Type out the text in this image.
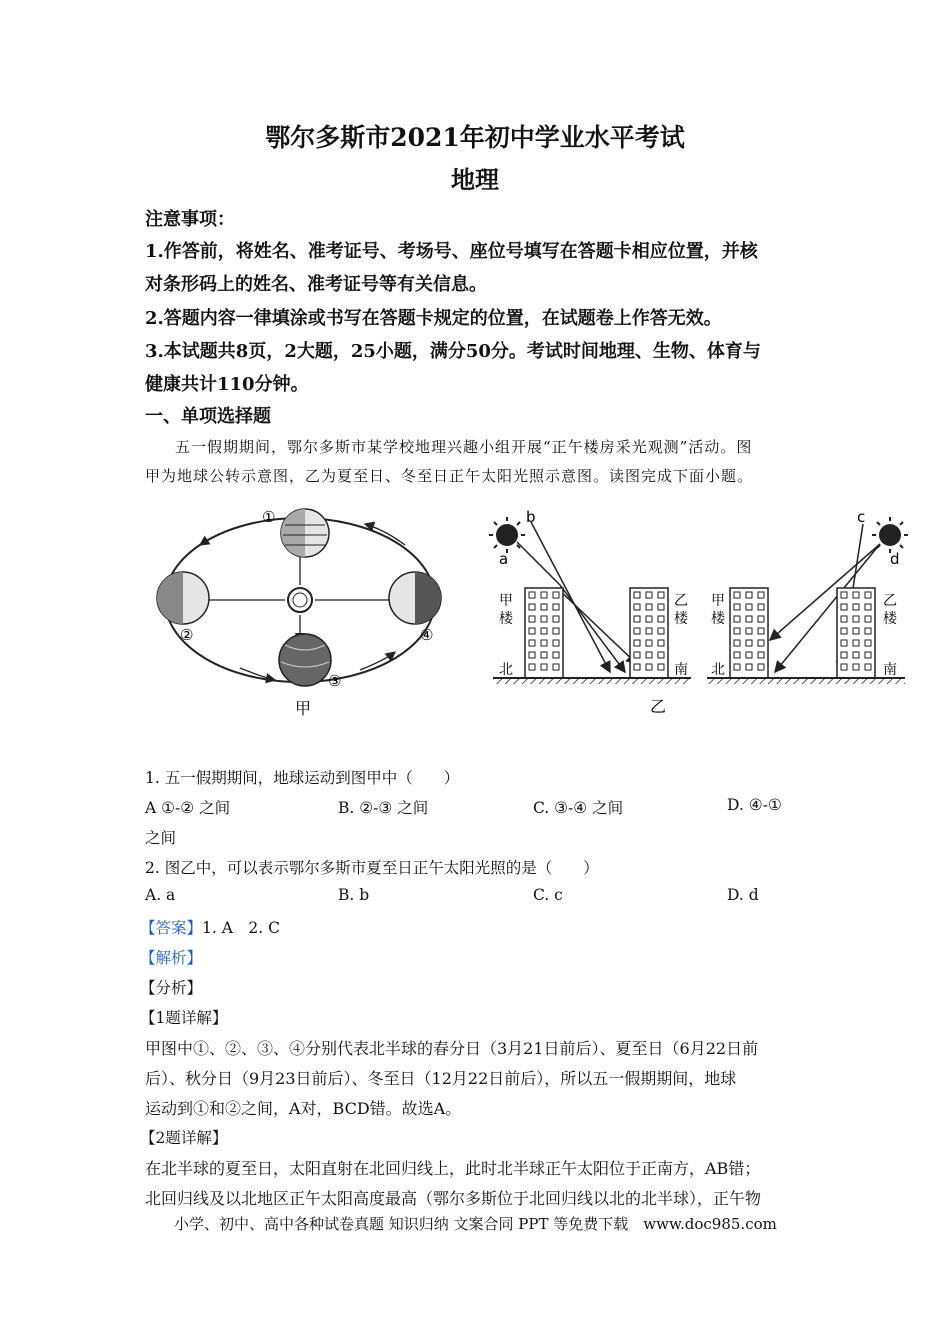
鄂尔多斯市2021年初中学业水平考试
地理
注意事项：
1.作答前，将姓名、准考证号、考场号、座位号填写在答题卡相应位置，并核
对条形码上的姓名、准考证号等有关信息。
2.答题内容一律填涂或书写在答题卡规定的位置，在试题卷上作答无效。
3.本试题共8页，2大题，25小题，满分50分。考试时间地理、生物、体育与
健康共计110分钟。
一、单项选择题
五一假期期间，鄂尔多斯市某学校地理兴趣小组开展“正午楼房采光观测”活动。图
甲为地球公转示意图，乙为夏至日、冬至日正午太阳光照示意图。读图完成下面小题。
①
②
③
④
甲
a
b
甲
楼
乙
楼
北	南
c
d
甲
楼
乙
楼
北	南
乙
1. 五一假期期间，地球运动到图甲中（　　）
A ①-② 之间	B. ②-③ 之间	C. ③-④ 之间	D. ④-①
之间
2. 图乙中，可以表示鄂尔多斯市夏至日正午太阳光照的是（　　）
A. a	B. b	C. c	D. d
【答案】1. A　2. C
【解析】
【分析】
【1题详解】
甲图中①、②、③、④分别代表北半球的春分日（3月21日前后）、夏至日（6月22日前
后）、秋分日（9月23日前后）、冬至日（12月22日前后），所以五一假期期间，地球
运动到①和②之间，A对，BCD错。故选A。
【2题详解】
在北半球的夏至日，太阳直射在北回归线上，此时北半球正午太阳位于正南方，AB错；
北回归线及以北地区正午太阳高度最高（鄂尔多斯位于北回归线以北的北半球），正午物
小学、初中、高中各种试卷真题 知识归纳 文案合同 PPT 等免费下载　www.doc985.com
